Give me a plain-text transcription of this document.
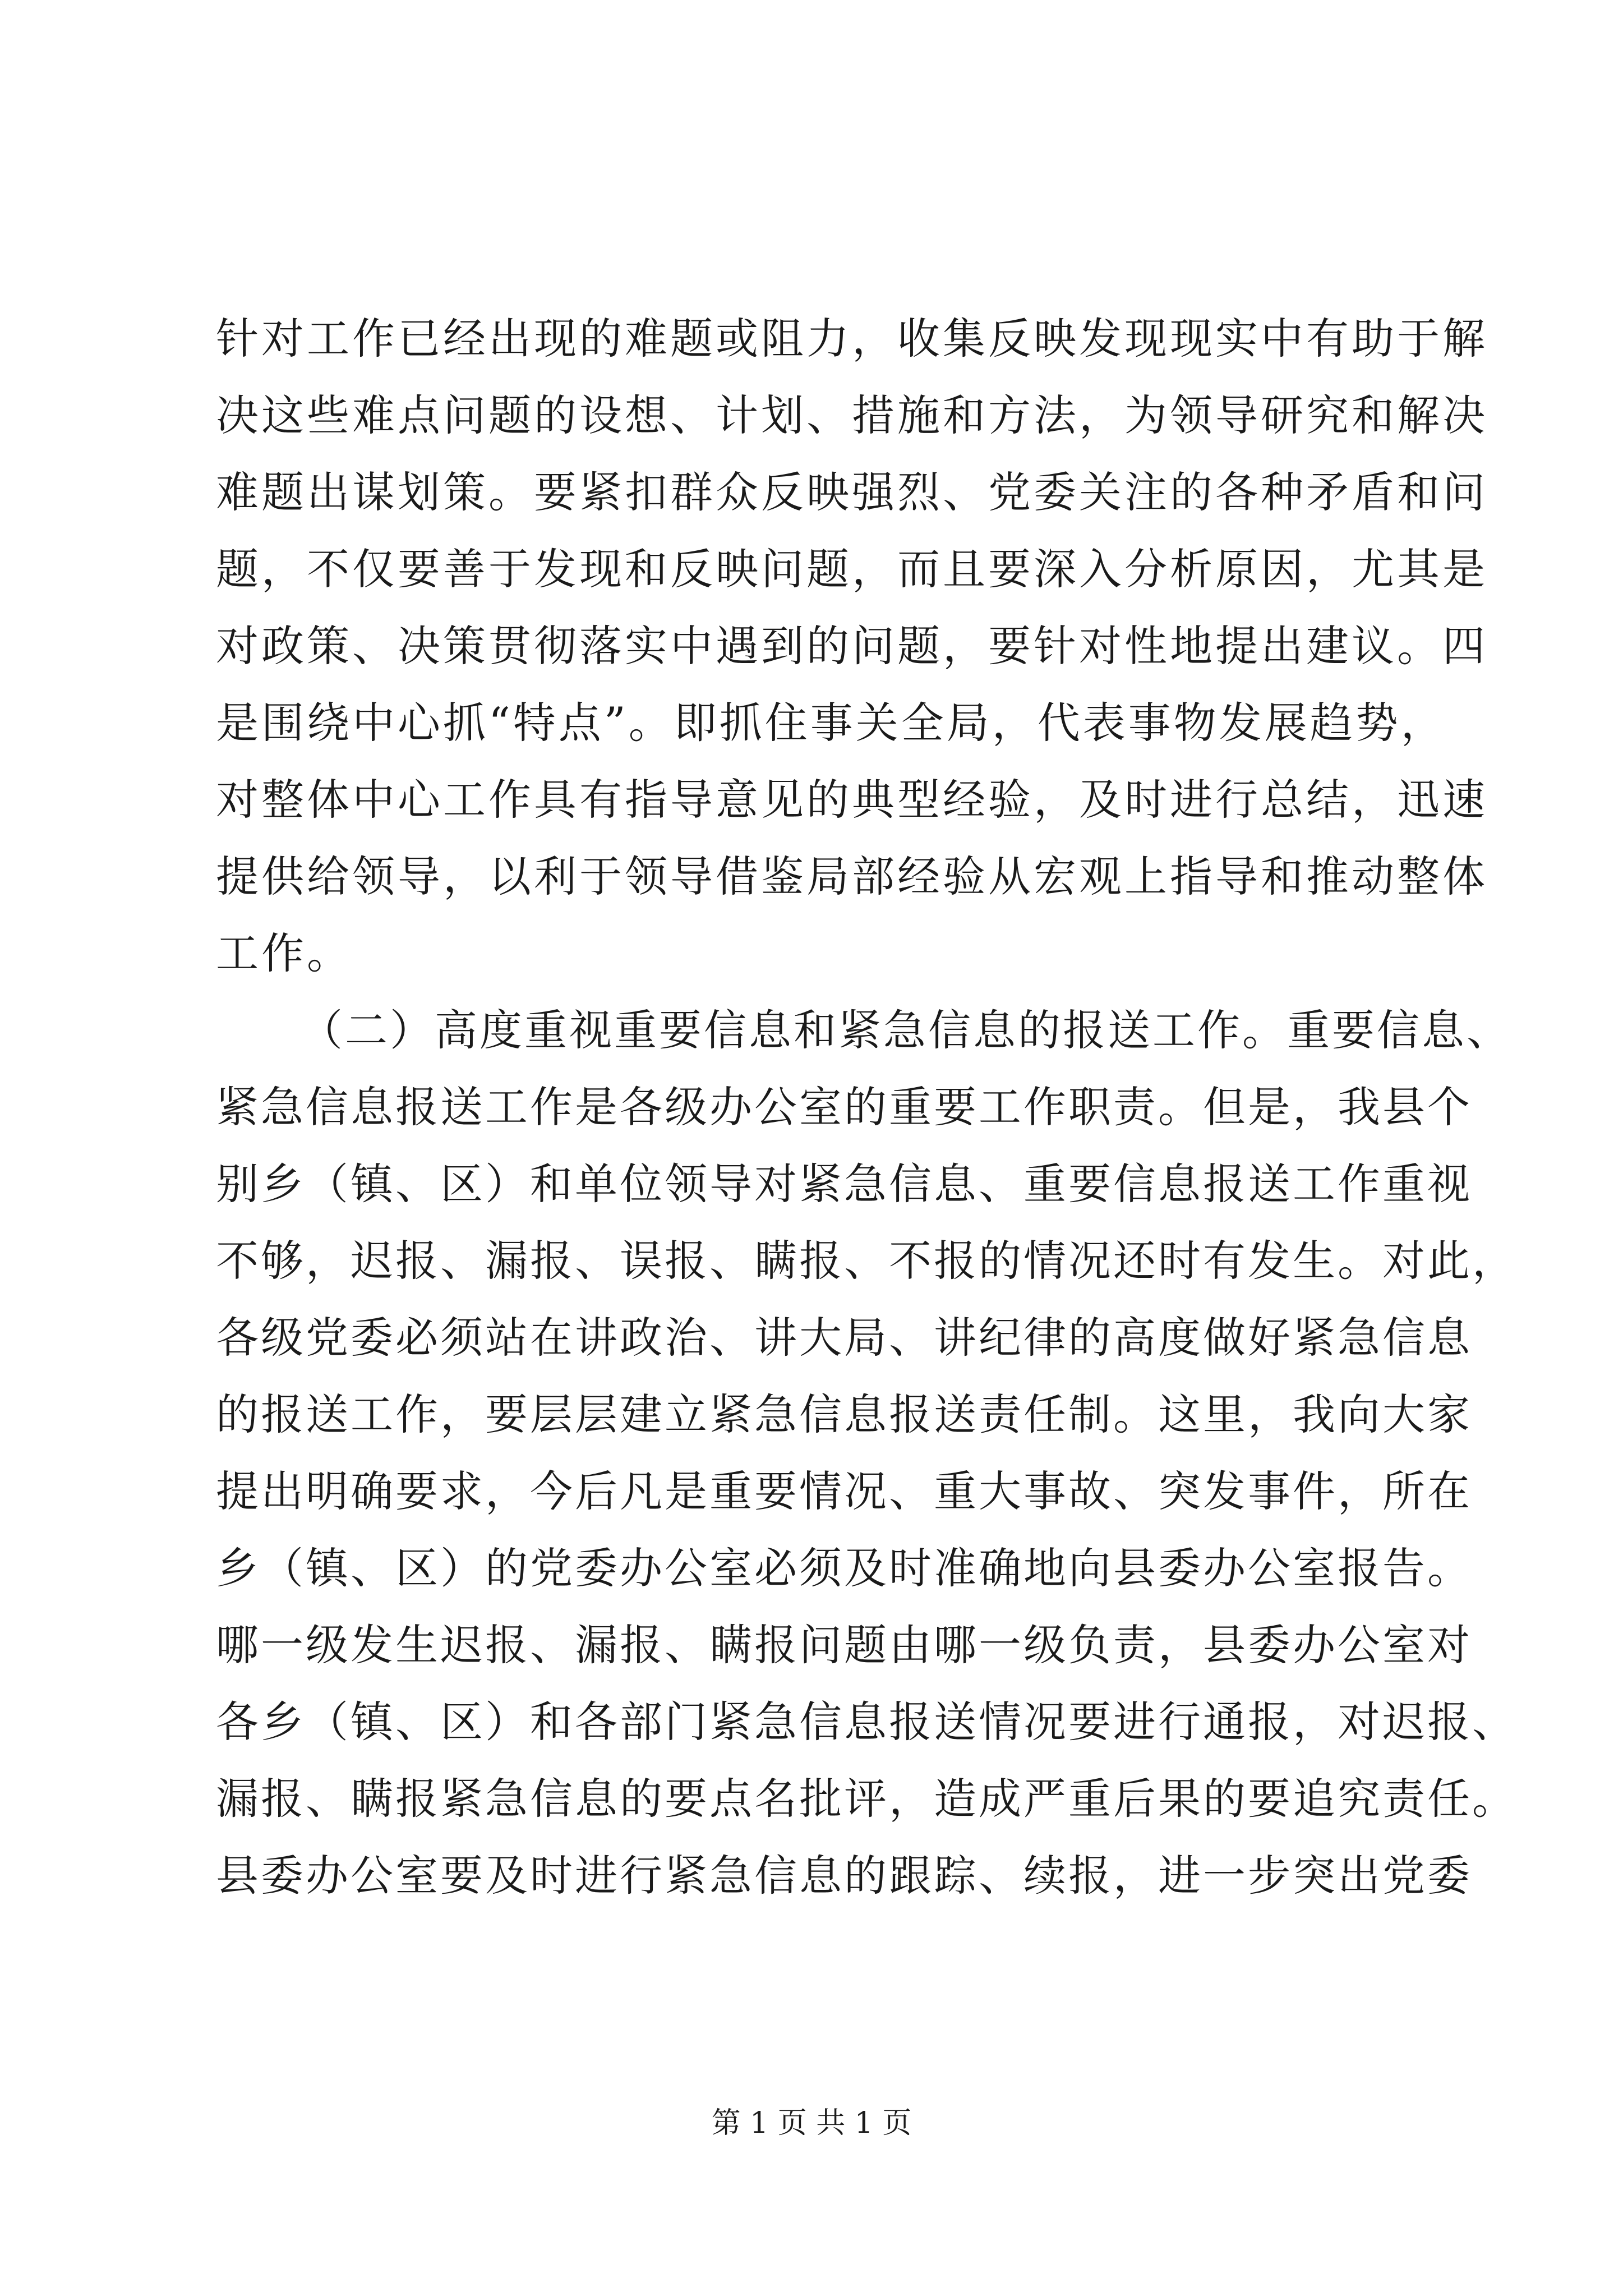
针对工作已经出现的难题或阻力，收集反映发现现实中有助于解
决这些难点问题的设想、计划、措施和方法，为领导研究和解决
难题出谋划策。要紧扣群众反映强烈、党委关注的各种矛盾和问
题，不仅要善于发现和反映问题，而且要深入分析原因，尤其是
对政策、决策贯彻落实中遇到的问题，要针对性地提出建议。四
是围绕中心抓“特点”。即抓住事关全局，代表事物发展趋势，
对整体中心工作具有指导意见的典型经验，及时进行总结，迅速
提供给领导，以利于领导借鉴局部经验从宏观上指导和推动整体
工作。
（二）高度重视重要信息和紧急信息的报送工作。重要信息、
紧急信息报送工作是各级办公室的重要工作职责。但是，我县个
别乡（镇、区）和单位领导对紧急信息、重要信息报送工作重视
不够，迟报、漏报、误报、瞒报、不报的情况还时有发生。对此，
各级党委必须站在讲政治、讲大局、讲纪律的高度做好紧急信息
的报送工作，要层层建立紧急信息报送责任制。这里，我向大家
提出明确要求，今后凡是重要情况、重大事故、突发事件，所在
乡（镇、区）的党委办公室必须及时准确地向县委办公室报告。
哪一级发生迟报、漏报、瞒报问题由哪一级负责，县委办公室对
各乡（镇、区）和各部门紧急信息报送情况要进行通报，对迟报、
漏报、瞒报紧急信息的要点名批评，造成严重后果的要追究责任。
县委办公室要及时进行紧急信息的跟踪、续报，进一步突出党委
第 1 页 共 1 页
